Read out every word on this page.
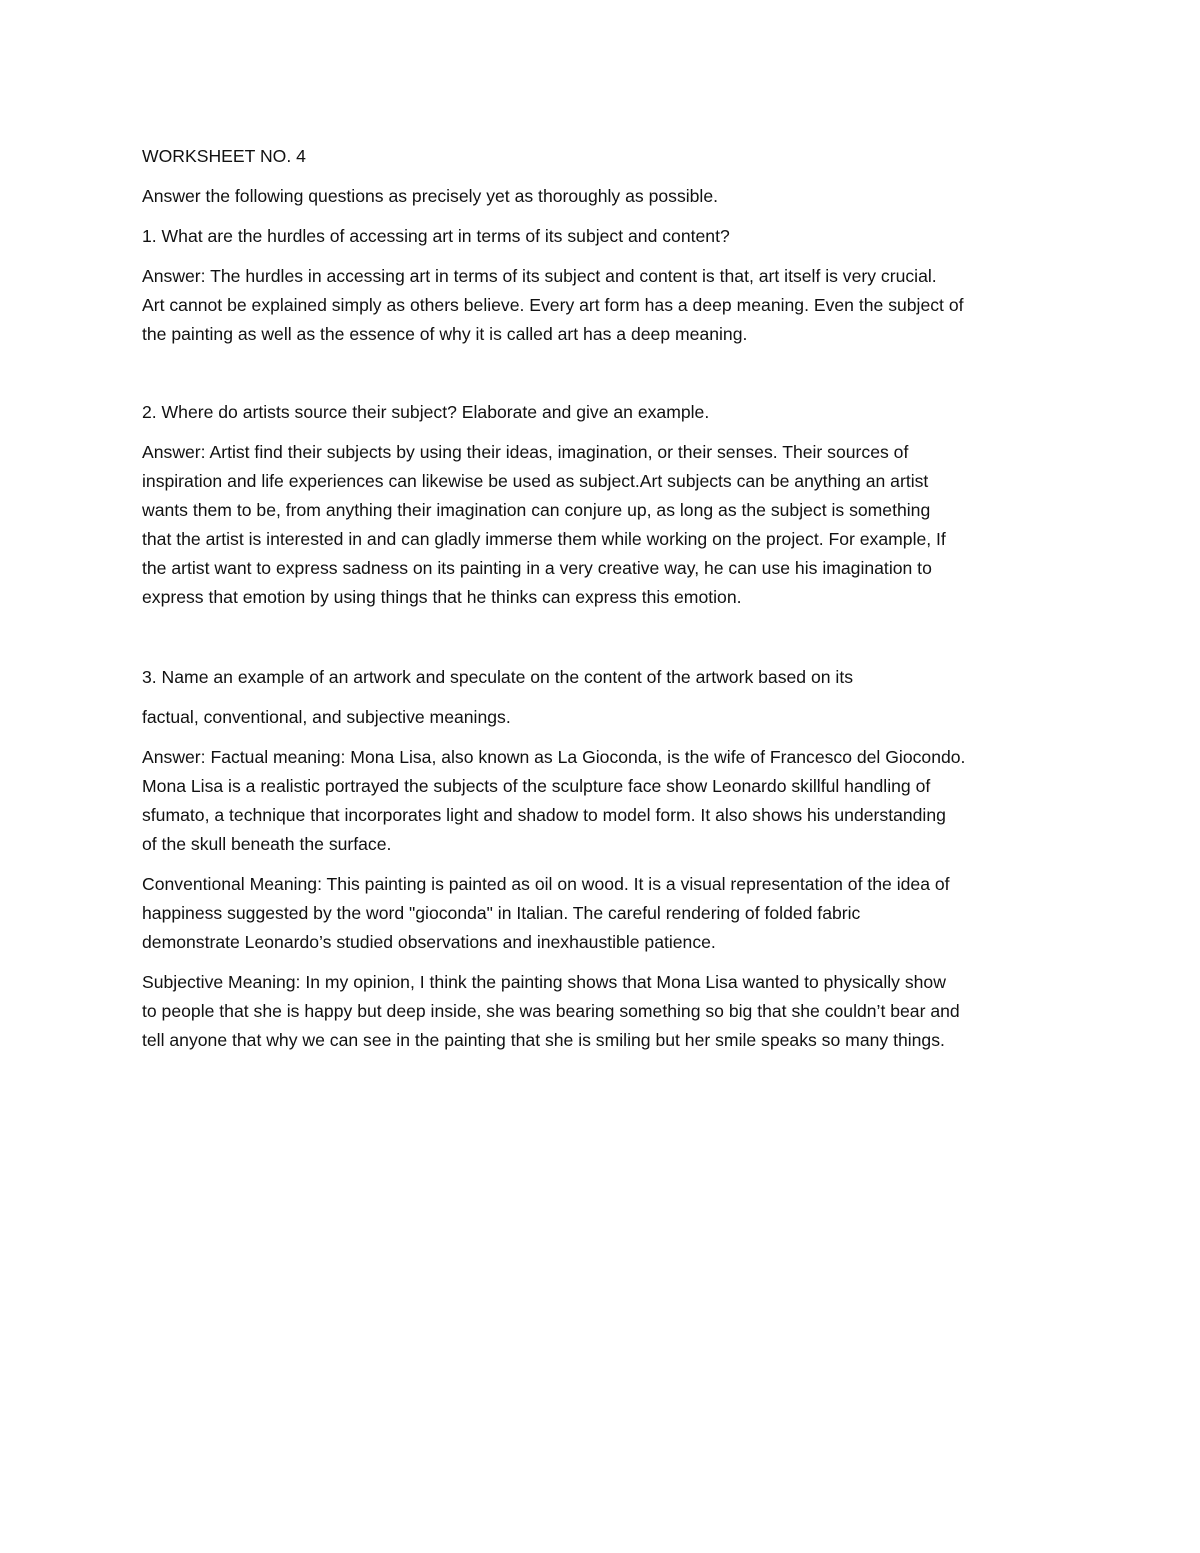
WORKSHEET NO. 4

Answer the following questions as precisely yet as thoroughly as possible.

1. What are the hurdles of accessing art in terms of its subject and content?

Answer: The hurdles in accessing art in terms of its subject and content is that, art itself is very crucial.
Art cannot be explained simply as others believe. Every art form has a deep meaning. Even the subject of
the painting as well as the essence of why it is called art has a deep meaning.

2. Where do artists source their subject? Elaborate and give an example.

Answer: Artist find their subjects by using their ideas, imagination, or their senses. Their sources of
inspiration and life experiences can likewise be used as subject.Art subjects can be anything an artist
wants them to be, from anything their imagination can conjure up, as long as the subject is something
that the artist is interested in and can gladly immerse them while working on the project. For example, If
the artist want to express sadness on its painting in a very creative way, he can use his imagination to
express that emotion by using things that he thinks can express this emotion.

3. Name an example of an artwork and speculate on the content of the artwork based on its

factual, conventional, and subjective meanings.

Answer: Factual meaning: Mona Lisa, also known as La Gioconda, is the wife of Francesco del Giocondo.
Mona Lisa is a realistic portrayed the subjects of the sculpture face show Leonardo skillful handling of
sfumato, a technique that incorporates light and shadow to model form. It also shows his understanding
of the skull beneath the surface.
Conventional Meaning: This painting is painted as oil on wood. It is a visual representation of the idea of
happiness suggested by the word "gioconda" in Italian. The careful rendering of folded fabric
demonstrate Leonardo’s studied observations and inexhaustible patience.
Subjective Meaning: In my opinion, I think the painting shows that Mona Lisa wanted to physically show
to people that she is happy but deep inside, she was bearing something so big that she couldn’t bear and
tell anyone that why we can see in the painting that she is smiling but her smile speaks so many things.
